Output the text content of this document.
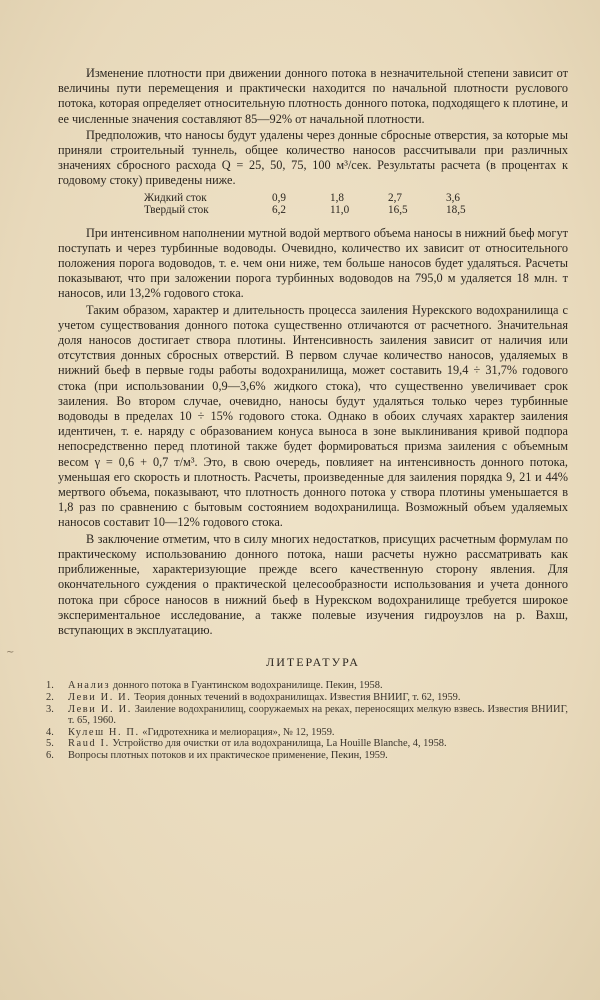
Изменение плотности при движении донного потока в незначительной степени зависит от величины пути перемещения и практически находится по начальной плотности руслового потока, которая определяет относительную плотность донного потока, подходящего к плотине, и ее численные значения составляют 85—92% от начальной плотности.

Предположив, что наносы будут удалены через донные сбросные отверстия, за которые мы приняли строительный туннель, общее количество наносов рассчитывали при различных значениях сбросного расхода Q = 25, 50, 75, 100 м³/сек. Результаты расчета (в процентах к годовому стоку) приведены ниже.

Жидкий сток	0,9	1,8	2,7	3,6
Твердый сток	6,2	11,0	16,5	18,5

При интенсивном наполнении мутной водой мертвого объема наносы в нижний бьеф могут поступать и через турбинные водоводы. Очевидно, количество их зависит от относительного положения порога водоводов, т. е. чем они ниже, тем больше наносов будет удаляться. Расчеты показывают, что при заложении порога турбинных водоводов на 795,0 м удаляется 18 млн. т наносов, или 13,2% годового стока.

Таким образом, характер и длительность процесса заиления Нурекского водохранилища с учетом существования донного потока существенно отличаются от расчетного. Значительная доля наносов достигает створа плотины. Интенсивность заиления зависит от наличия или отсутствия донных сбросных отверстий. В первом случае количество наносов, удаляемых в нижний бьеф в первые годы работы водохранилища, может составить 19,4 ÷ 31,7% годового стока (при использовании 0,9—3,6% жидкого стока), что существенно увеличивает срок заиления. Во втором случае, очевидно, наносы будут удаляться только через турбинные водоводы в пределах 10 ÷ 15% годового стока. Однако в обоих случаях характер заиления идентичен, т. е. наряду с образованием конуса выноса в зоне выклинивания кривой подпора непосредственно перед плотиной также будет формироваться призма заиления с объемным весом γ = 0,6 + 0,7 т/м³. Это, в свою очередь, повлияет на интенсивность донного потока, уменьшая его скорость и плотность. Расчеты, произведенные для заиления порядка 9, 21 и 44% мертвого объема, показывают, что плотность донного потока у створа плотины уменьшается в 1,8 раз по сравнению с бытовым состоянием водохранилища. Возможный объем удаляемых наносов составит 10—12% годового стока.

В заключение отметим, что в силу многих недостатков, присущих расчетным формулам по практическому использованию донного потока, наши расчеты нужно рассматривать как приближенные, характеризующие прежде всего качественную сторону явления. Для окончательного суждения о практической целесообразности использования и учета донного потока при сбросе наносов в нижний бьеф в Нурекском водохранилище требуется широкое экспериментальное исследование, а также полевые изучения гидроузлов на р. Вахш, вступающих в эксплуатацию.

ЛИТЕРАТУРА
1. Анализ донного потока в Гуантинском водохранилище. Пекин, 1958.
2. Леви И. И. Теория донных течений в водохранилищах. Известия ВНИИГ, т. 62, 1959.
3. Леви И. И. Заиление водохранилищ, сооружаемых на реках, переносящих мелкую взвесь. Известия ВНИИГ, т. 65, 1960.
4. Кулеш Н. П. «Гидротехника и мелиорация», № 12, 1959.
5. Raud I. Устройство для очистки от ила водохранилища, La Houille Blanche, 4, 1958.
6. Вопросы плотных потоков и их практическое применение, Пекин, 1959.
∼
